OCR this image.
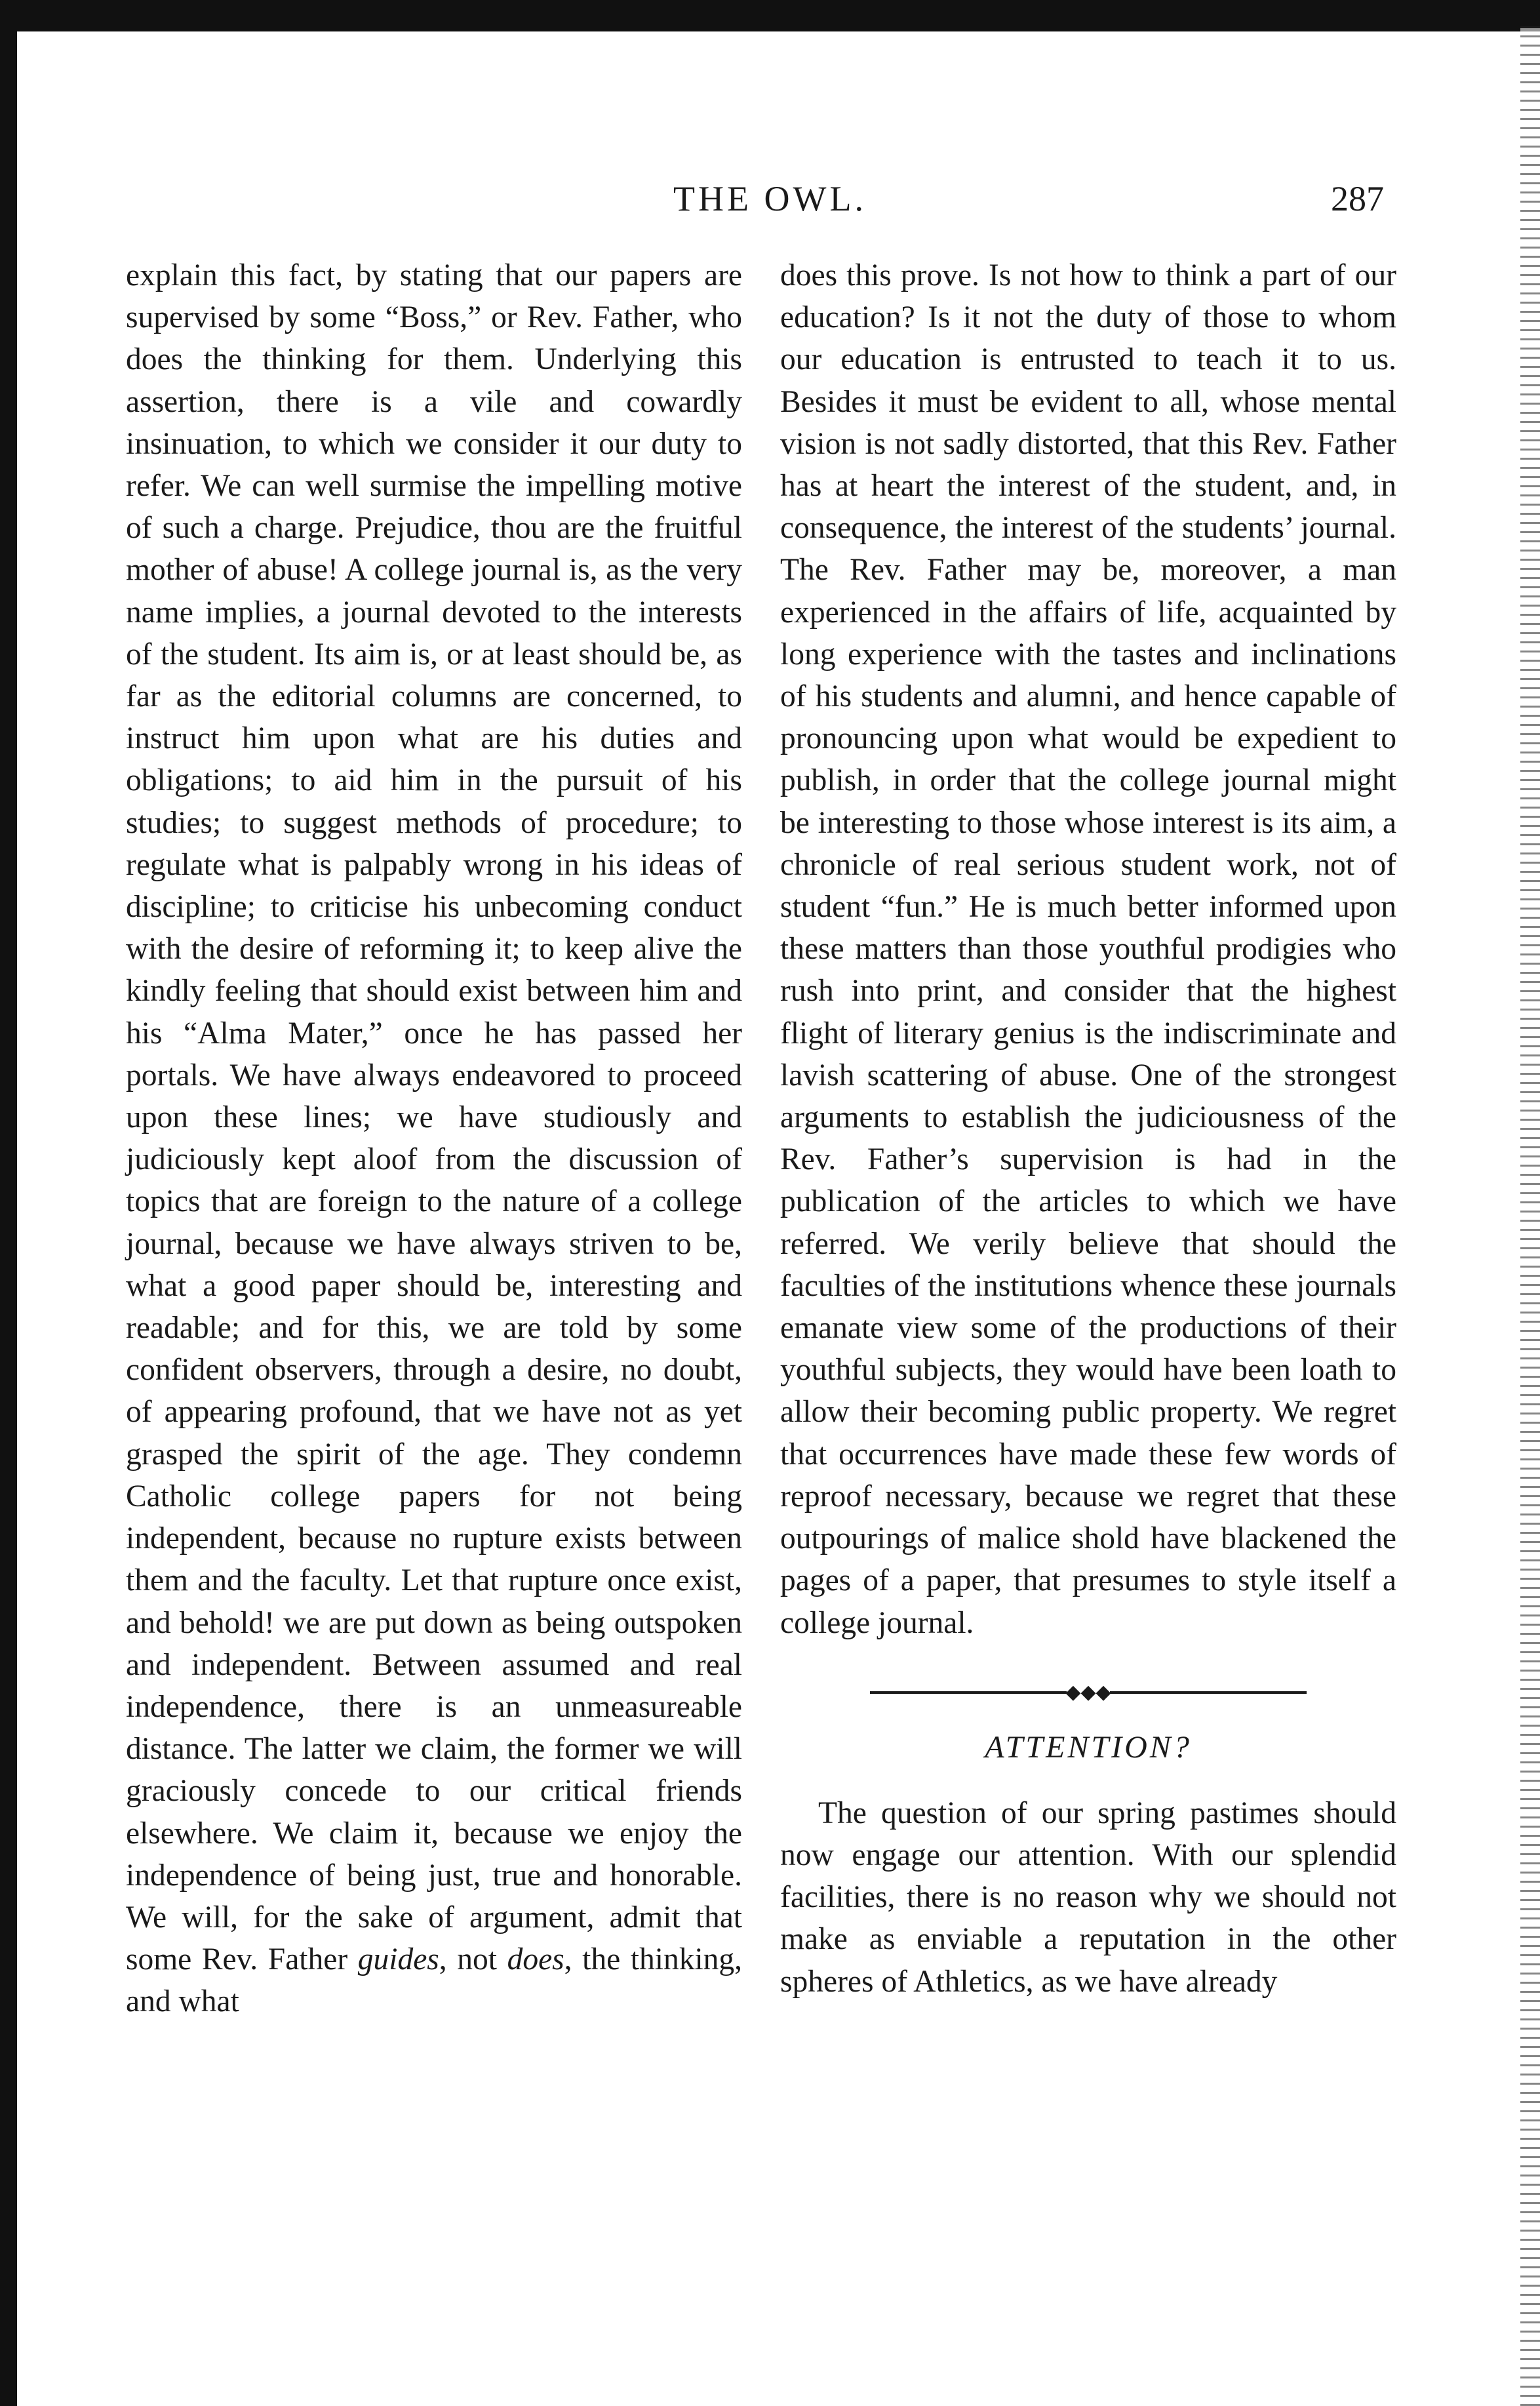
THE OWL.	287

explain this fact, by stating that our papers are supervised by some “Boss,” or Rev. Father, who does the thinking for them. Underlying this assertion, there is a vile and cowardly insinuation, to which we consider it our duty to refer. We can well surmise the impelling motive of such a charge. Prejudice, thou are the fruitful mother of abuse! A college journal is, as the very name implies, a journal devoted to the interests of the student. Its aim is, or at least should be, as far as the editorial columns are concerned, to instruct him upon what are his duties and obligations; to aid him in the pursuit of his studies; to suggest methods of procedure; to regulate what is palpably wrong in his ideas of discipline; to criticise his unbecoming conduct with the desire of reforming it; to keep alive the kindly feeling that should exist between him and his “Alma Mater,” once he has passed her portals. We have always endeavored to proceed upon these lines; we have studiously and judiciously kept aloof from the discussion of topics that are foreign to the nature of a college journal, because we have always striven to be, what a good paper should be, interesting and readable; and for this, we are told by some confident observers, through a desire, no doubt, of appearing profound, that we have not as yet grasped the spirit of the age. They condemn Catholic college papers for not being independent, because no rupture exists between them and the faculty. Let that rupture once exist, and behold! we are put down as being outspoken and independent. Between assumed and real independence, there is an unmeasureable distance. The latter we claim, the former we will graciously concede to our critical friends elsewhere. We claim it, because we enjoy the independence of being just, true and honorable. We will, for the sake of argument, admit that some Rev. Father guides, not does, the thinking, and what

does this prove. Is not how to think a part of our education? Is it not the duty of those to whom our education is entrusted to teach it to us. Besides it must be evident to all, whose mental vision is not sadly distorted, that this Rev. Father has at heart the interest of the student, and, in consequence, the interest of the students’ journal. The Rev. Father may be, moreover, a man experienced in the affairs of life, acquainted by long experience with the tastes and inclinations of his students and alumni, and hence capable of pronouncing upon what would be expedient to publish, in order that the college journal might be interesting to those whose interest is its aim, a chronicle of real serious student work, not of student “fun.” He is much better informed upon these matters than those youthful prodigies who rush into print, and consider that the highest flight of literary genius is the indiscriminate and lavish scattering of abuse. One of the strongest arguments to establish the judiciousness of the Rev. Father’s supervision is had in the publication of the articles to which we have referred. We verily believe that should the faculties of the institutions whence these journals emanate view some of the productions of their youthful subjects, they would have been loath to allow their becoming public property. We regret that occurrences have made these few words of reproof necessary, because we regret that these outpourings of malice shold have blackened the pages of a paper, that presumes to style itself a college journal.

◆◆◆
ATTENTION?

The question of our spring pastimes should now engage our attention. With our splendid facilities, there is no reason why we should not make as enviable a reputation in the other spheres of Athletics, as we have already
